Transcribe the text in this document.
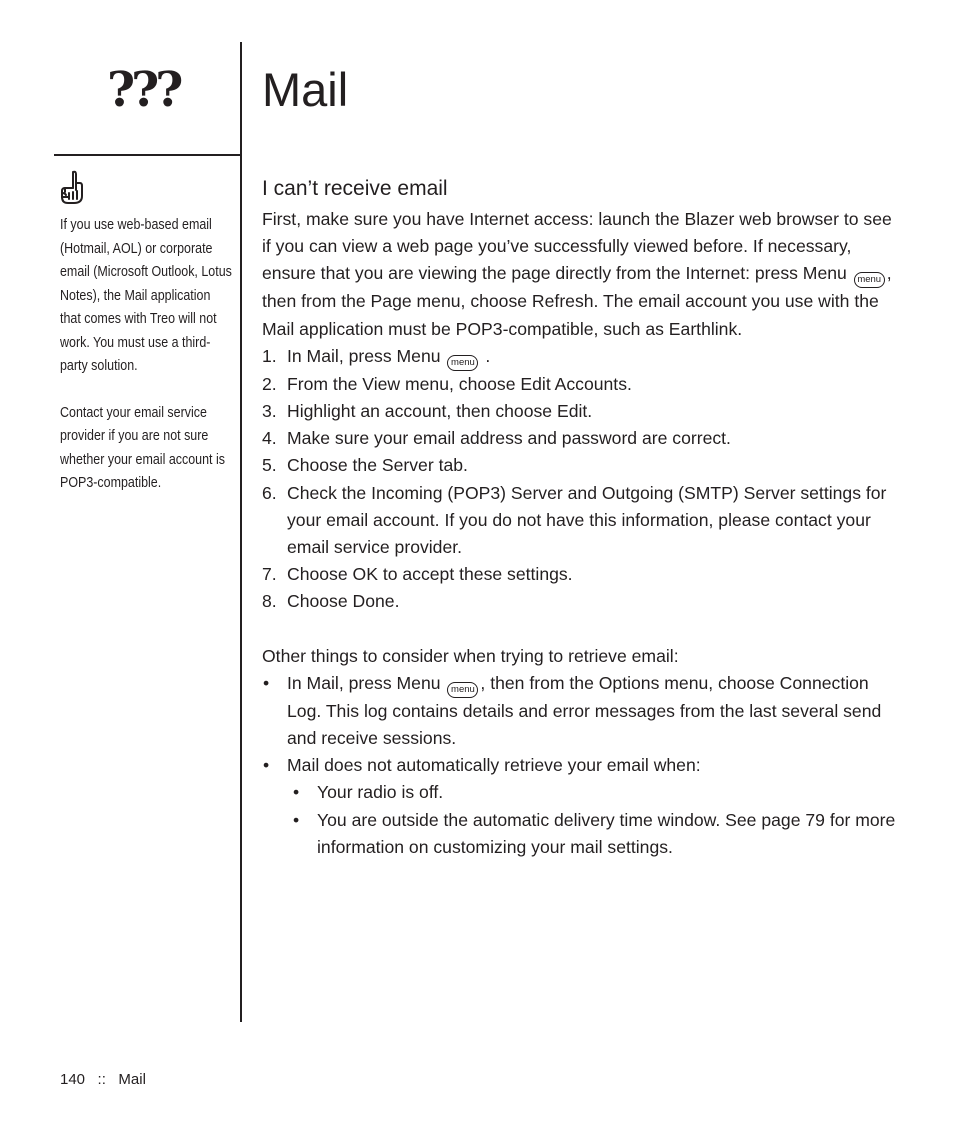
???

If you use web-based email (Hotmail, AOL) or corporate email (Microsoft Outlook, Lotus Notes), the Mail application that comes with Treo will not work. You must use a third-party solution.

Contact your email service provider if you are not sure whether your email account is POP3-compatible.

Mail
I can’t receive email

First, make sure you have Internet access: launch the Blazer web browser to see if you can view a web page you’ve successfully viewed before. If necessary, ensure that you are viewing the page directly from the Internet: press Menu menu , then from the Page menu, choose Refresh. The email account you use with the Mail application must be POP3-compatible, such as Earthlink.

1. In Mail, press Menu menu .
2. From the View menu, choose Edit Accounts.
3. Highlight an account, then choose Edit.
4. Make sure your email address and password are correct.
5. Choose the Server tab.
6. Check the Incoming (POP3) Server and Outgoing (SMTP) Server settings for your email account. If you do not have this information, please contact your email service provider.
7. Choose OK to accept these settings.
8. Choose Done.

Other things to consider when trying to retrieve email:

• In Mail, press Menu menu , then from the Options menu, choose Connection Log. This log contains details and error messages from the last several send and receive sessions.
• Mail does not automatically retrieve your email when:
• Your radio is off.
• You are outside the automatic delivery time window. See page 79 for more information on customizing your mail settings.
140 :: Mail
